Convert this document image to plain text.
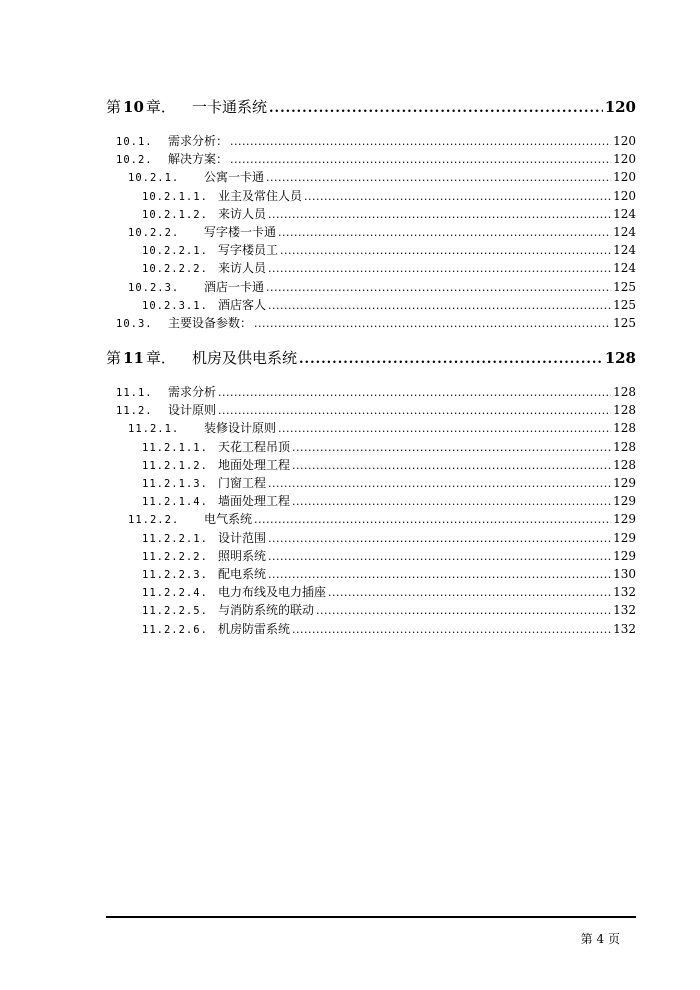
第 10 章．	一卡通系统 .....	120
10.1.	需求分析： .....	120
10.2.	解决方案： .....	120
10.2.1.	公寓一卡通 .....	120
10.2.1.1. 业主及常住人员 .....	120
10.2.1.2. 来访人员 .....	124
10.2.2.	写字楼一卡通 .....	124
10.2.2.1. 写字楼员工 .....	124
10.2.2.2. 来访人员 .....	124
10.2.3.	酒店一卡通 .....	125
10.2.3.1. 酒店客人 .....	125
10.3.	主要设备参数： .....	125
第 11 章．	机房及供电系统 .....	128
11.1.	需求分析 .....	128
11.2.	设计原则 .....	128
11.2.1.	装修设计原则 .....	128
11.2.1.1. 天花工程吊顶 .....	128
11.2.1.2. 地面处理工程 .....	128
11.2.1.3. 门窗工程 .....	129
11.2.1.4. 墙面处理工程 .....	129
11.2.2.	电气系统 .....	129
11.2.2.1. 设计范围 .....	129
11.2.2.2. 照明系统 .....	129
11.2.2.3. 配电系统 .....	130
11.2.2.4. 电力布线及电力插座 .....	132
11.2.2.5. 与消防系统的联动 .....	132
11.2.2.6. 机房防雷系统 .....	132
第 4 页
